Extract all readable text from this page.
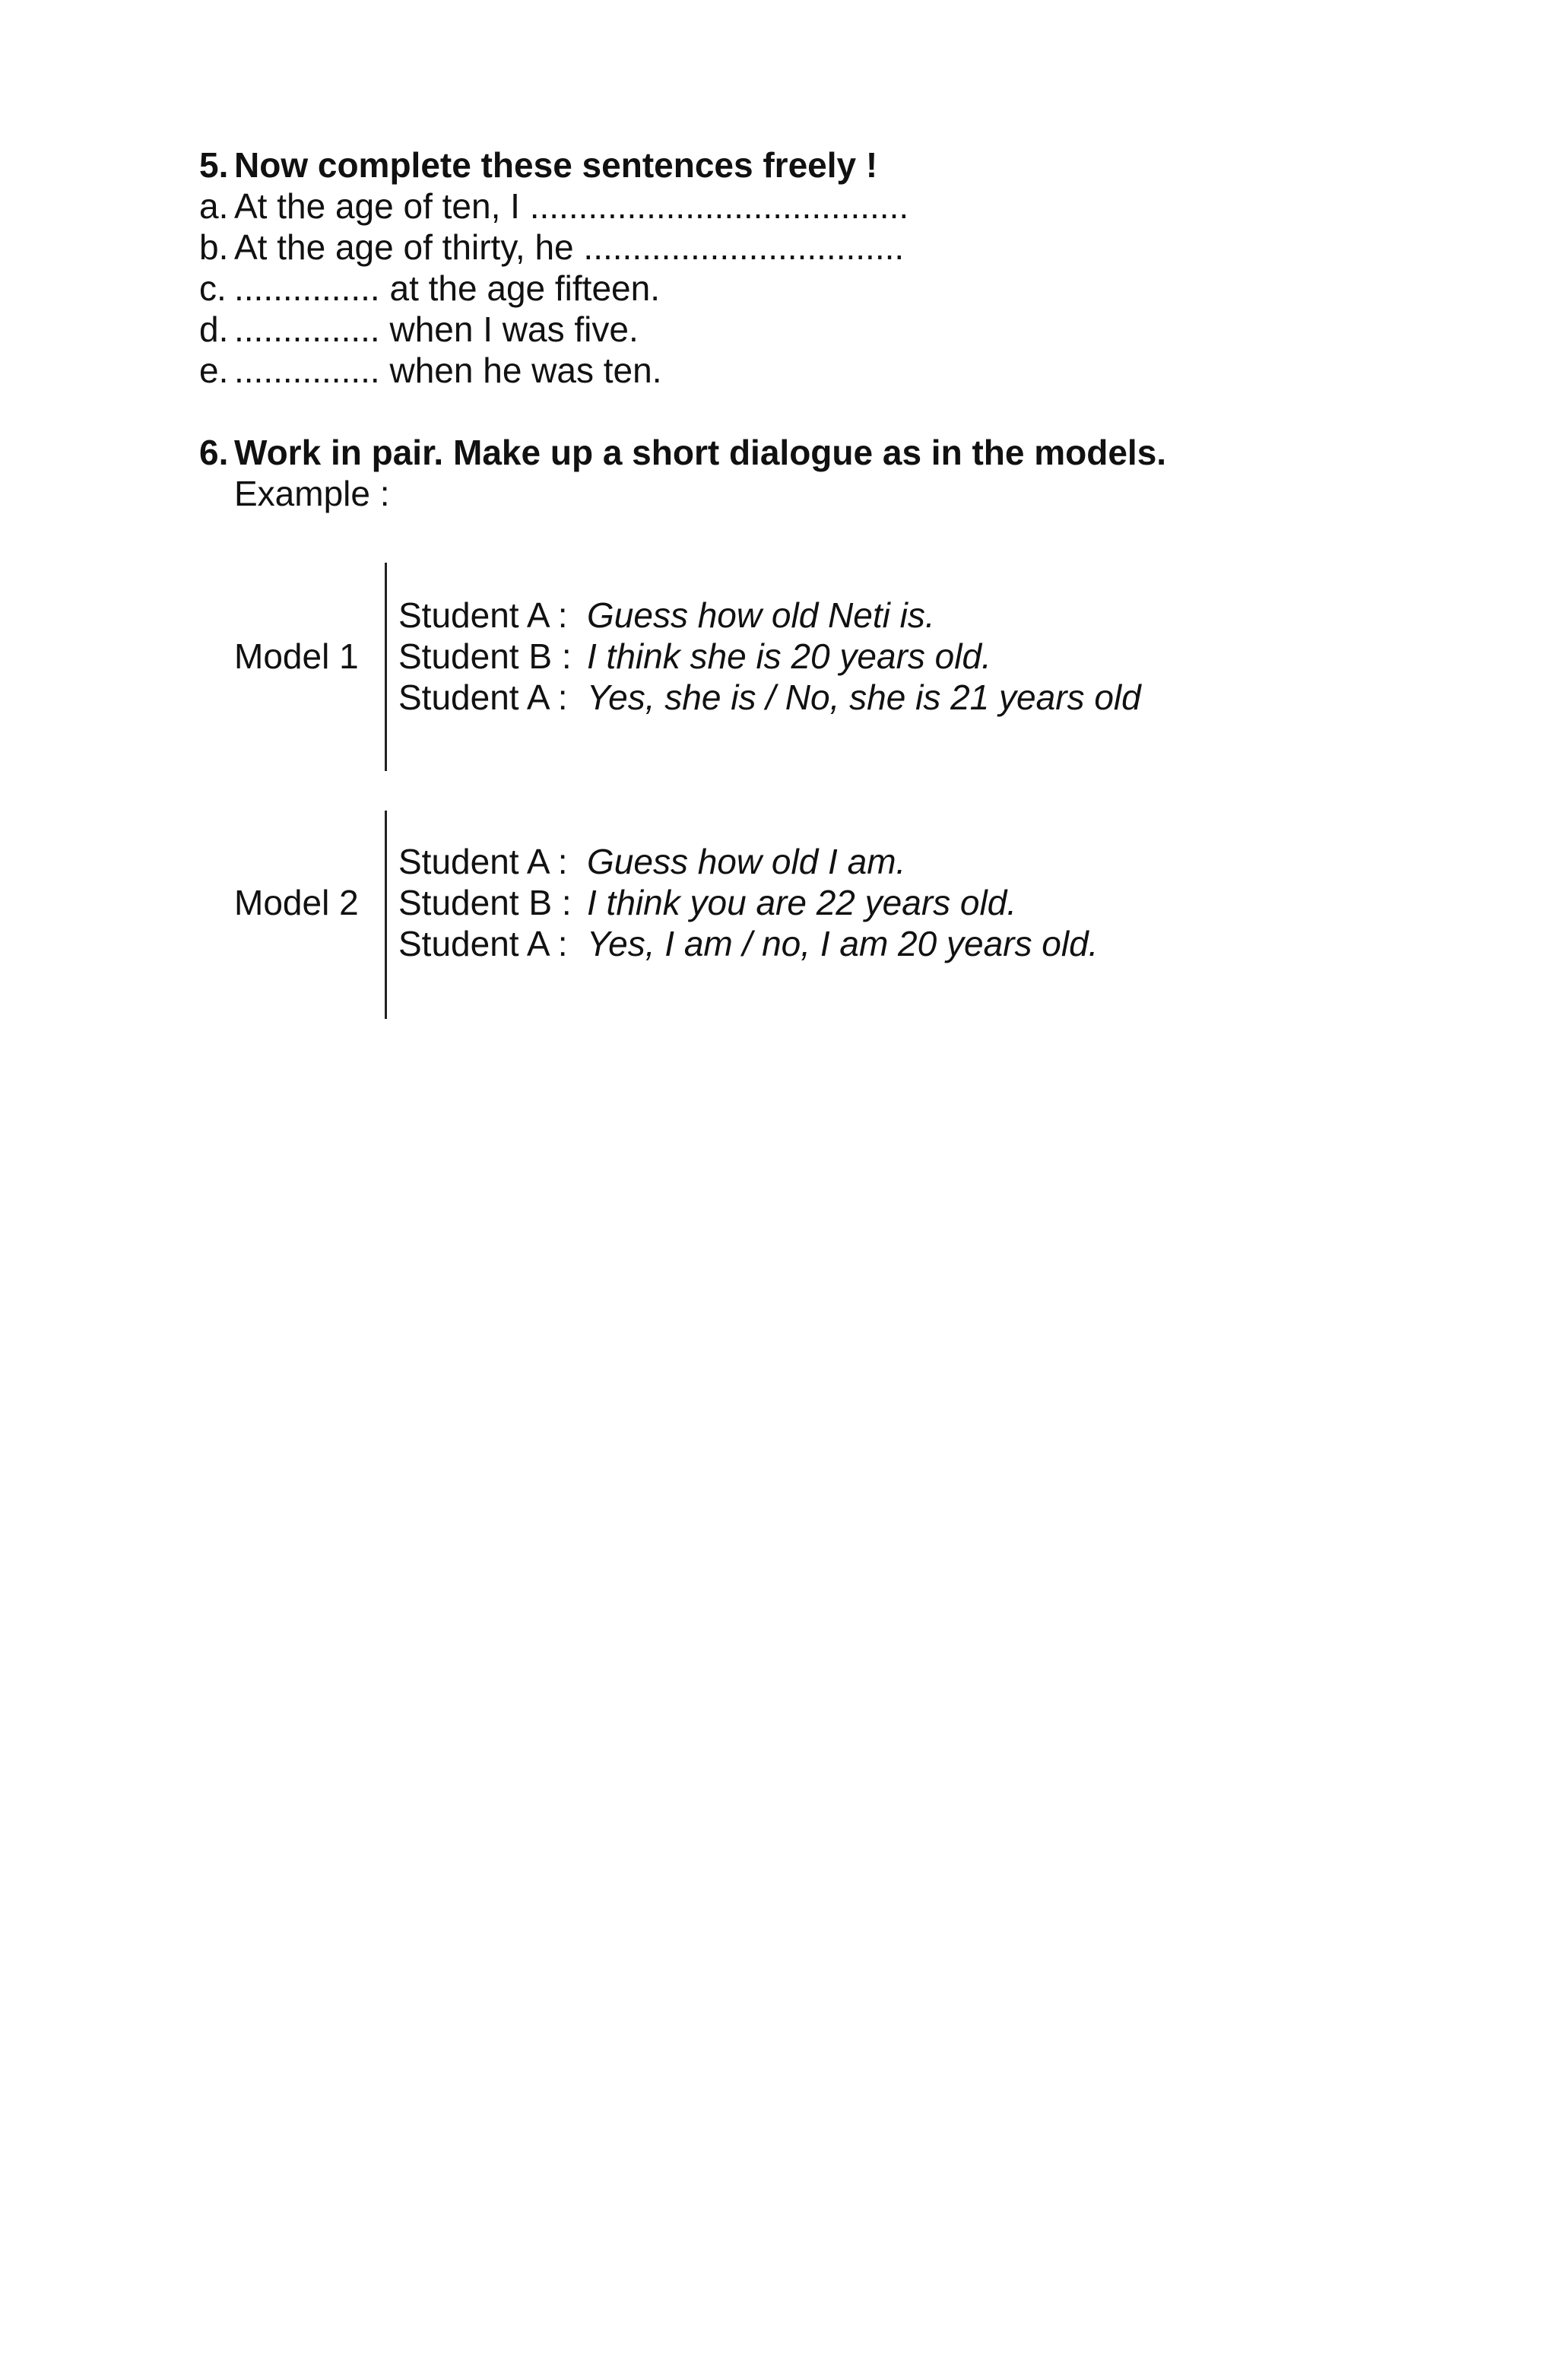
5. Now complete these sentences freely !
a. At the age of ten, I .......................................
b. At the age of thirty, he .................................
c. ............... at the age fifteen.
d. ............... when I was five.
e. ............... when he was ten.
6. Work in pair. Make up a short dialogue as in the models.
Example :
Model 1
Student A : Guess how old Neti is.
Student B : I think she is 20 years old.
Student A : Yes, she is / No, she is 21 years old
Model 2
Student A : Guess how old I am.
Student B : I think you are 22 years old.
Student A : Yes, I am / no, I am 20 years old.
